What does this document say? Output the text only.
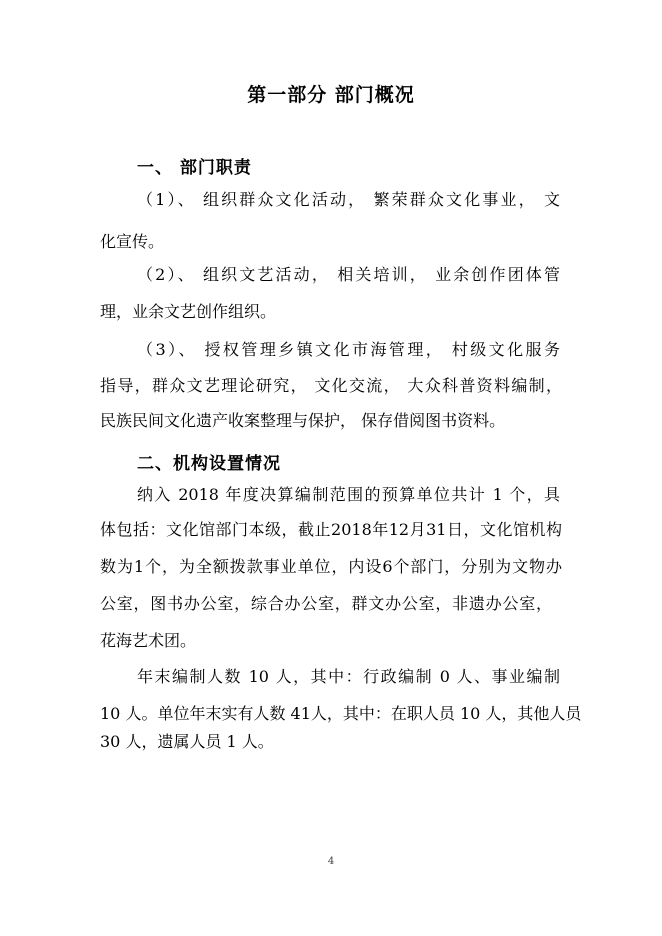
第一部分 部门概况
一、 部门职责
（1）、 组织群众文化活动， 繁荣群众文化事业， 文
化宣传。
（2）、 组织文艺活动， 相关培训， 业余创作团体管
理，业余文艺创作组织。
（3）、 授权管理乡镇文化市海管理， 村级文化服务
指导，群众文艺理论研究， 文化交流， 大众科普资料编制，
民族民间文化遗产收案整理与保护， 保存借阅图书资料。
二、机构设置情况
纳入 2018 年度决算编制范围的预算单位共计 1 个，具
体包括：文化馆部门本级，截止2018年12月31日，文化馆机构
数为1个，为全额拨款事业单位，内设6个部门，分别为文物办
公室，图书办公室，综合办公室，群文办公室，非遗办公室，
花海艺术团。
年末编制人数 10 人，其中：行政编制 0 人、事业编制
10 人。单位年末实有人数 41人，其中：在职人员 10 人，其他人员
30 人，遗属人员 1 人。
4
